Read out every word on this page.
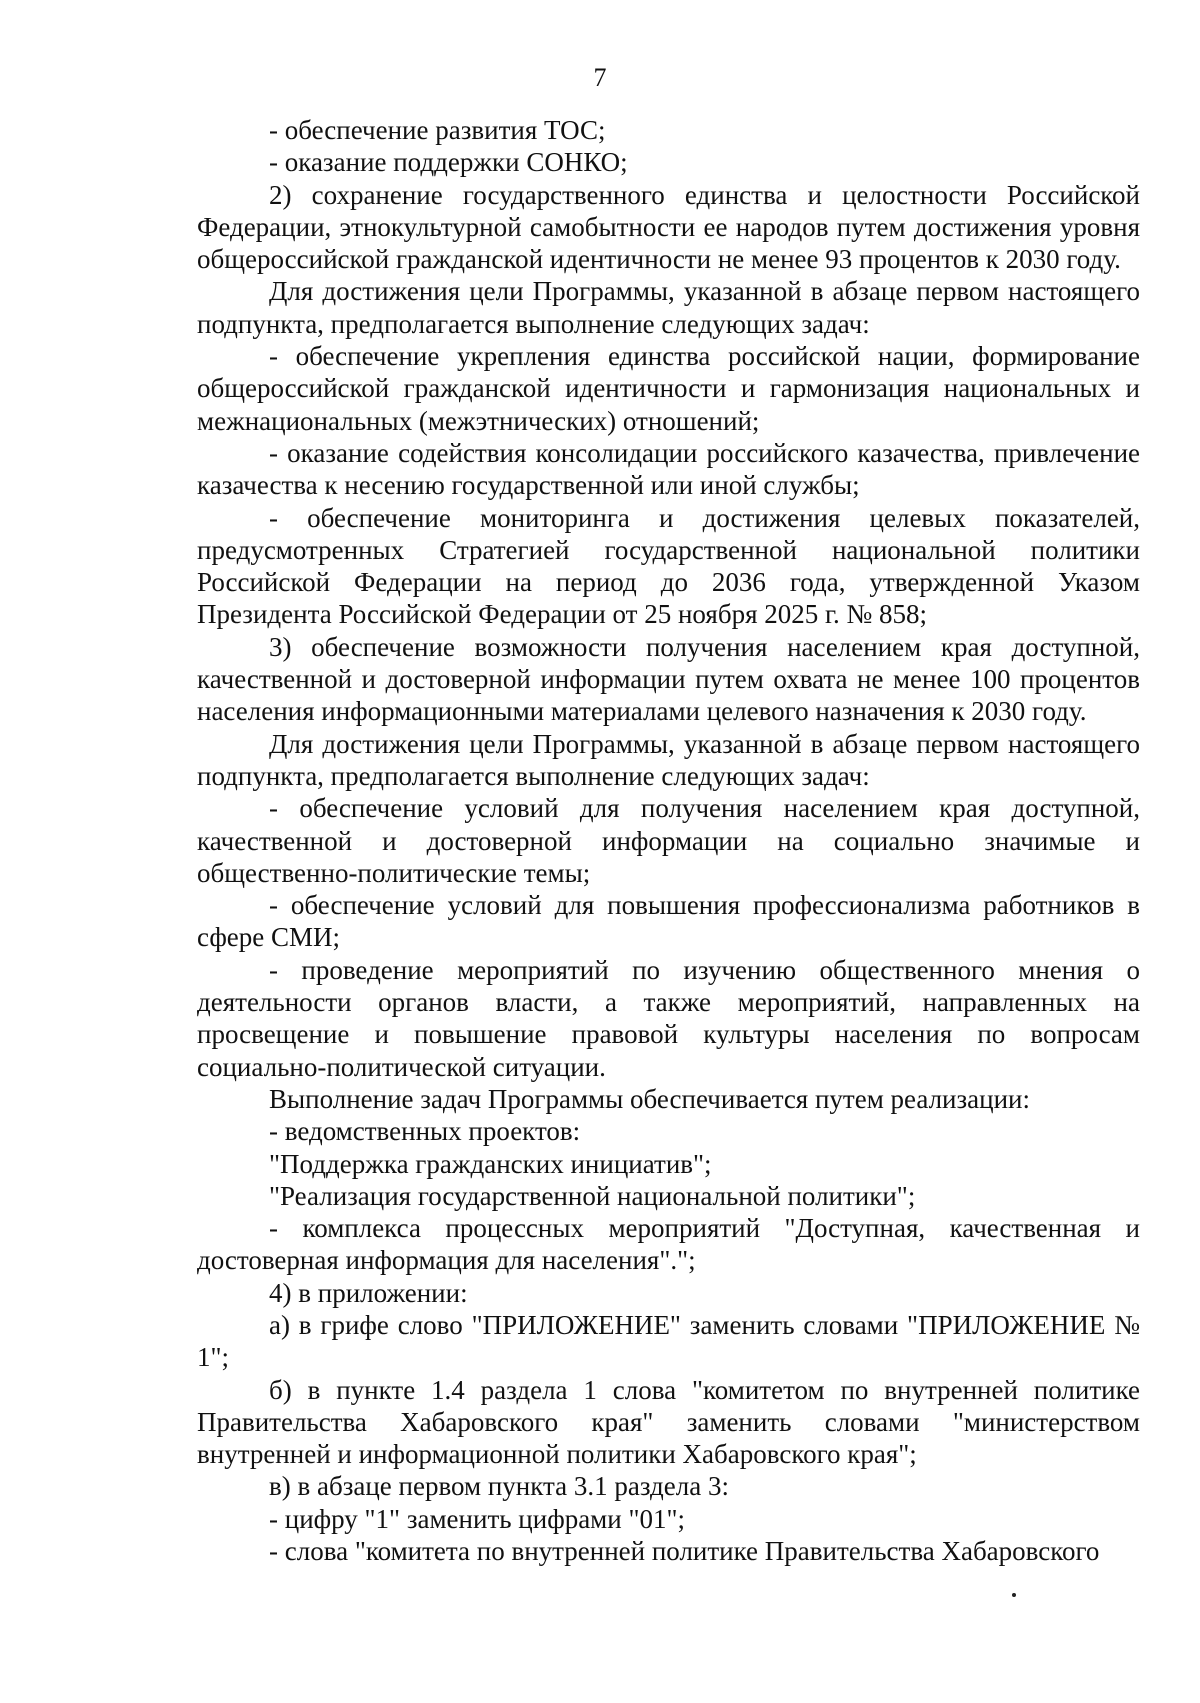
7

- обеспечение развития ТОС;

- оказание поддержки СОНКО;

2) сохранение государственного единства и целостности Российской Федерации, этнокультурной самобытности ее народов путем достижения уровня общероссийской гражданской идентичности не менее 93 процентов к 2030 году.

Для достижения цели Программы, указанной в абзаце первом настоящего подпункта, предполагается выполнение следующих задач:

- обеспечение укрепления единства российской нации, формирование общероссийской гражданской идентичности и гармонизация национальных и межнациональных (межэтнических) отношений;

- оказание содействия консолидации российского казачества, привлечение казачества к несению государственной или иной службы;

- обеспечение мониторинга и достижения целевых показателей, предусмотренных Стратегией государственной национальной политики Российской Федерации на период до 2036 года, утвержденной Указом Президента Российской Федерации от 25 ноября 2025 г. № 858;

3) обеспечение возможности получения населением края доступной, качественной и достоверной информации путем охвата не менее 100 процентов населения информационными материалами целевого назначения к 2030 году.

Для достижения цели Программы, указанной в абзаце первом настоящего подпункта, предполагается выполнение следующих задач:

- обеспечение условий для получения населением края доступной, качественной и достоверной информации на социально значимые и общественно-политические темы;

- обеспечение условий для повышения профессионализма работников в сфере СМИ;

- проведение мероприятий по изучению общественного мнения о деятельности органов власти, а также мероприятий, направленных на просвещение и повышение правовой культуры населения по вопросам социально-политической ситуации.

Выполнение задач Программы обеспечивается путем реализации:

- ведомственных проектов:

"Поддержка гражданских инициатив";

"Реализация государственной национальной политики";

- комплекса процессных мероприятий "Доступная, качественная и достоверная информация для населения".";

4) в приложении:

а) в грифе слово "ПРИЛОЖЕНИЕ" заменить словами "ПРИЛОЖЕНИЕ № 1";

б) в пункте 1.4 раздела 1 слова "комитетом по внутренней политике Правительства Хабаровского края" заменить словами "министерством внутренней и информационной политики Хабаровского края";

в) в абзаце первом пункта 3.1 раздела 3:

- цифру "1" заменить цифрами "01";

- слова "комитета по внутренней политике Правительства Хабаровского
